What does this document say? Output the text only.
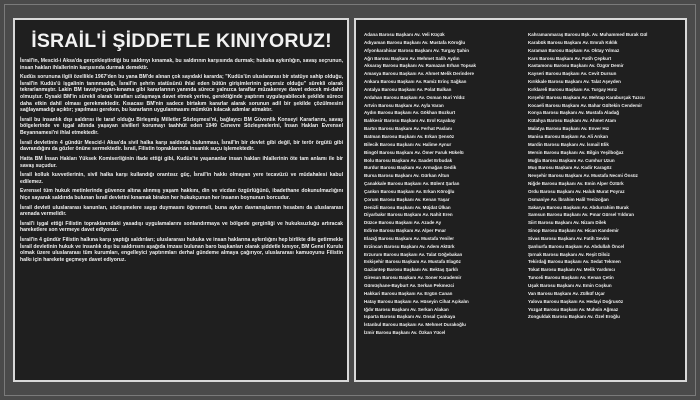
İSRAİL'İ ŞİDDETLE KINIYORUZ!

İsrail'in, Mescid-i Aksa'da gerçekleştirdiği bu saldırıyı kınamak, bu saldırının karşısında durmak; hukuka aykırılığın, savaş seçrunun, insan hakları ihlallerinin karşısında durmak demektir.

Kudüs sorununa ilgili özellikle 1967'den bu yana BM'de alınan çok sayıdaki kararda; "Kudüs'ün uluslararası bir statüye sahip olduğu, İsrail'in Kudüs'ü işgalinin tanınmadığı, İsrail'in şehrin statüsünü ihlal eden bütün girişimlerinin geçersiz olduğu" sürekli olarak tekrarlanmıştır. Lakin BM tavsiye-uyarı-kınama gibi kararlarının yanında sürece yalnızca taraflar müzakereye davet edecek mi-dahil olmuştur. Oysaki BM'in sürekli olarak tarafları uzlaşmaya davet etmek yerine, gerektiğinde yaptırım uygulayabilecek şekilde sürece daha etkin dahil olması gerekmektedir. Kısacası BM'nin sadece birtakım kararlar alarak sorunun adil bir şekilde çözülmesini sağlayamadığı açıktır; yapılması gereken, bu kararların uygulanmasını mümkün kılacak adımlar atmaktır.

İsrail bu insanlık dışı saldırısı ile taraf olduğu Birleşmiş Milletler Sözleşmesi'ni, bağlayıcı BM Güvenlik Konseyi Kararlarını, savaş bölgelerinde ve işgal altında yaşayan sivilleri korumayı taahhüt eden 1949 Cenevre Sözleşmelerini, İnsan Hakları Evrensel Beyannamesi'ni ihlal etmektedir.

İsrail devletinin 4 gündür Mescid-i Aksa'da sivil halka karşı saldırıda bulunması, İsrail'in bir devlet gibi değil, bir terör örgütü gibi davrandığını da gözler önüne sermektedir. İsrail, Filistin topraklarında insanlık suçu işlemektedir.

Hatta BM İnsan Hakları Yüksek Komiserliğinin ifade ettiği gibi, Kudüs'te yaşananlar insan hakları ihlallerinin öte tam anlamı ile bir savaş suçudur.

İsrail kolluk kuvvetlerinin, sivil halka karşı kullandığı orantısız güç, İsrail'in hakkı olmayan yere tecavüzü ve müdahalesi kabul edilemez.

Evrensel tüm hukuk metinlerinde güvence altına alınmış yaşam hakkını, din ve vicdan özgürlüğünü, ibadethane dokunulmazlığını hiçe sayarak saldırıda bulunan İsrail devletini kınamak birakın her hukukçunun her insanın boynunun borcudur.

İsrail devleti uluslararası kanunları, sözleşmelere saygı duymasını öğrenmeli, buna aykırı davranışlarının hesabını da uluslararası arenada vermelidir.

İsrail'i işgal ettiği Filistin topraklarındaki yasadışı uygulamalarını sonlandırmaya ve bölgede gerginliği ve hukuksuzluğu artıracak hareketlere son vermeye davet ediyoruz.

İsrail'in 4 gündür Filistin halkına karşı yaptığı saldırıları; uluslararası hukuka ve insan haklarına aykırılığını hep birlikte dile getirmekle İsrail devletinin hukuk ve insanlık dışı bu saldırısını aşağıda imzası bulunan baro başkanları olarak şiddetle kınıyor, BM Genel Kurulu olmak üzere uluslararası tüm kurumları, engelleyici yaptırımları derhal gündeme almaya çağırıyor, uluslararası kamuoyunu Filistin halkı için harekete geçmeye davet ediyoruz.

Adana Barosu Başkanı Av. Veli Küçük
Adıyaman Barosu Başkanı Av. Mustafa Köroğlu
Afyonkarahisar Barosu Başkanı Av. Turgay Şahin
Ağrı Barosu Başkanı Av. Mehmet Salih Aydın
Aksaray Barosu Başkanı Av. Ramazan Erhan Topsak
Amasya Barosu Başkanı Av. Ahmet Melik Derindere
Ankara Barosu Başkanı Av. Ramiz Erinç Sağkan
Antalya Barosu Başkanı Av. Polat Balkan
Ardahan Barosu Başkanı Av. Osman Nuri Yıldız
Artvin Barosu Başkanı Av. Ayla Varan
Aydın Barosu Başkanı Av. Gökhan Bozkurt
Balıkesir Barosu Başkanı Av. Erol Kayabay
Bartın Barosu Başkanı Av. Ferhat Paslanı
Batman Barosu Başkanı Av. Erkan Şensöz
Bilecik Barosu Başkanı Av. Halime Aynur
Bingöl Barosu Başkanı Av. Ömer Faruk Hükelü
Bolu Barosu Başkanı Av. Saadet Erbudak
Burdur Barosu Başkanı Av. Armağan Gedik
Bursa Barosu Başkanı Av. Gürkan Altun
Çanakkale Barosu Başkanı Av. Bülent Şarlan
Çankırı Barosu Başkanı Av. Erkan Köroğlu
Çorum Barosu Başkanı Av. Kenan Yaşar
Denizli Barosu Başkanı Av. Müjdat Ülkan
Diyarbakır Barosu Başkanı Av. Nahit Eren
Düzce Barosu Başkanı Av. Azade Ay
Edirne Barosu Başkanı Av. Alper Pınar
Elazığ Barosu Başkanı Av. Mustafa Yeniler
Erzincan Barosu Başkanı Av. Adem Aktürk
Erzurum Barosu Başkanı Av. Talat Göğebakan
Eskişehir Barosu Başkanı Av. Mustafa Elagöz
Gaziantep Barosu Başkanı Av. Bektaş Şarklı
Giresun Barosu Başkanı Av. Soner Karademir
Gümüşhane-Bayburt Av. Serkan Pekmezci
Hakkari Barosu Başkanı Av. Ergün Canan
Hatay Barosu Başkanı Av. Hüseyin Cihat Açıkalın
Iğdır Barosu Başkanı Av. Serkan Alakan
Isparta Barosu Başkanı Av. Onsal Çankaya
İstanbul Barosu Başkanı Av. Mehmet Durakoğlu
İzmir Barosu Başkanı Av. Özkan Yücel
Kahramanmaraş Barosu Bşk. Av. Muhammed Burak Gül
Karabük Barosu Başkanı Av. Emrah Kıklık
Karaman Barosu Başkanı Av. Oktay Yılmaz
Kars Barosu Başkanı Av. Fatih Çepkurt
Kastamonu Barosu Başkanı Av. Özgür Demir
Kayseri Barosu Başkanı Av. Cevit Dursun
Kırıkkale Barosu Başkanı Av. Talat Aşeyden
Kırklareli Barosu Başkanı Av. Turgay Hırız
Kırşehir Barosu Başkanı Av. Mehtap Karaburçak Tuzcu
Kocaeli Barosu Başkanı Av. Bahar Gültekin Cendemir
Konya Barosu Başkanı Av. Mustafa Aladağ
Kütahya Barosu Başkanı Av. Ahmet Atam
Malatya Barosu Başkanı Av. Enver Hız
Manisa Barosu Başkanı Av. Ali Arıkan
Mardin Barosu Başkanı Av. İsmail Elik
Mersin Barosu Başkanı Av. Bilgin Yeşilboğaz
Muğla Barosu Başkanı Av. Cumhur Uzun
Muş Barosu Başkanı Av. Kadir Karagöz
Nevşehir Barosu Başkanı Av. Mustafa Necmi Önsüz
Niğde Barosu Başkanı Av. Emin Alper Öztürk
Ordu Barosu Başkanı Av. Haluk Murat Poyraz
Osmaniye Av. İbrahim Halil Yenizoğan
Sakarya Barosu Başkanı Av. Abdurrahim Burak
Samsun Barosu Başkanı Av. Pınar Gürsel Yıldıran
Siirt Barosu Başkanı Av. Nizam Dilek
Sinop Barosu Başkanı Av. Hican Kandemir
Sivas Barosu Başkanı Av. Fatih Sevim
Şanlıurfa Barosu Başkanı Av. Abdullah Öncel
Şırnak Barosu Başkanı Av. Reşit Dilsiz
Tekirdağ Barosu Başkanı Av. Sedat Tekmen
Tokat Barosu Başkanı Av. Melik Yardımcı
Tunceli Barosu Başkanı Av. Kenan Çetin
Uşak Barosu Başkanı Av. Emin Coşkun
Van Barosu Başkanı Av. Zülküf Uçar
Yalova Barosu Başkanı Av. Hedayi Doğrusöz
Yozgat Barosu Başkanı Av. Muhsin Ağmaz
Zonguldak Barosu Başkanı Av. Özel Eroğlu
